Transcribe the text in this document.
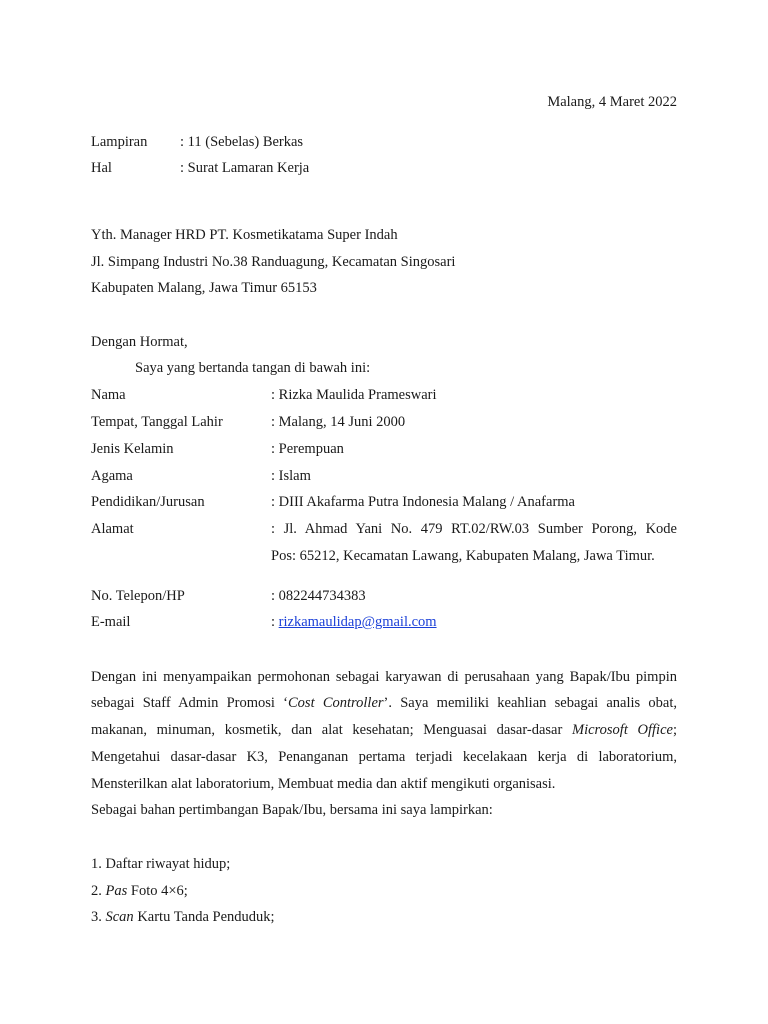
Malang, 4 Maret 2022
Lampiran : 11 (Sebelas) Berkas
Hal	: Surat Lamaran Kerja
Yth. Manager HRD PT. Kosmetikatama Super Indah
Jl. Simpang Industri No.38 Randuagung, Kecamatan Singosari
Kabupaten Malang, Jawa Timur 65153
Dengan Hormat,
Saya yang bertanda tangan di bawah ini:
Nama	: Rizka Maulida Prameswari
Tempat, Tanggal Lahir	: Malang, 14 Juni 2000
Jenis Kelamin	: Perempuan
Agama	: Islam
Pendidikan/Jurusan	: DIII Akafarma Putra Indonesia Malang / Anafarma
Alamat	: Jl. Ahmad Yani No. 479 RT.02/RW.03 Sumber Porong, Kode
Pos: 65212, Kecamatan Lawang, Kabupaten Malang, Jawa Timur.
No. Telepon/HP	: 082244734383
E-mail	: rizkamaulidap@gmail.com
Dengan ini menyampaikan permohonan sebagai karyawan di perusahaan yang Bapak/Ibu pimpin
sebagai Staff Admin Promosi ‘Cost Controller’. Saya memiliki keahlian sebagai analis obat,
makanan, minuman, kosmetik, dan alat kesehatan; Menguasai dasar-dasar Microsoft Office;
Mengetahui dasar-dasar K3, Penanganan pertama terjadi kecelakaan kerja di laboratorium,
Mensterilkan alat laboratorium, Membuat media dan aktif mengikuti organisasi.
Sebagai bahan pertimbangan Bapak/Ibu, bersama ini saya lampirkan:
1. Daftar riwayat hidup;
2. Pas Foto 4×6;
3. Scan Kartu Tanda Penduduk;
